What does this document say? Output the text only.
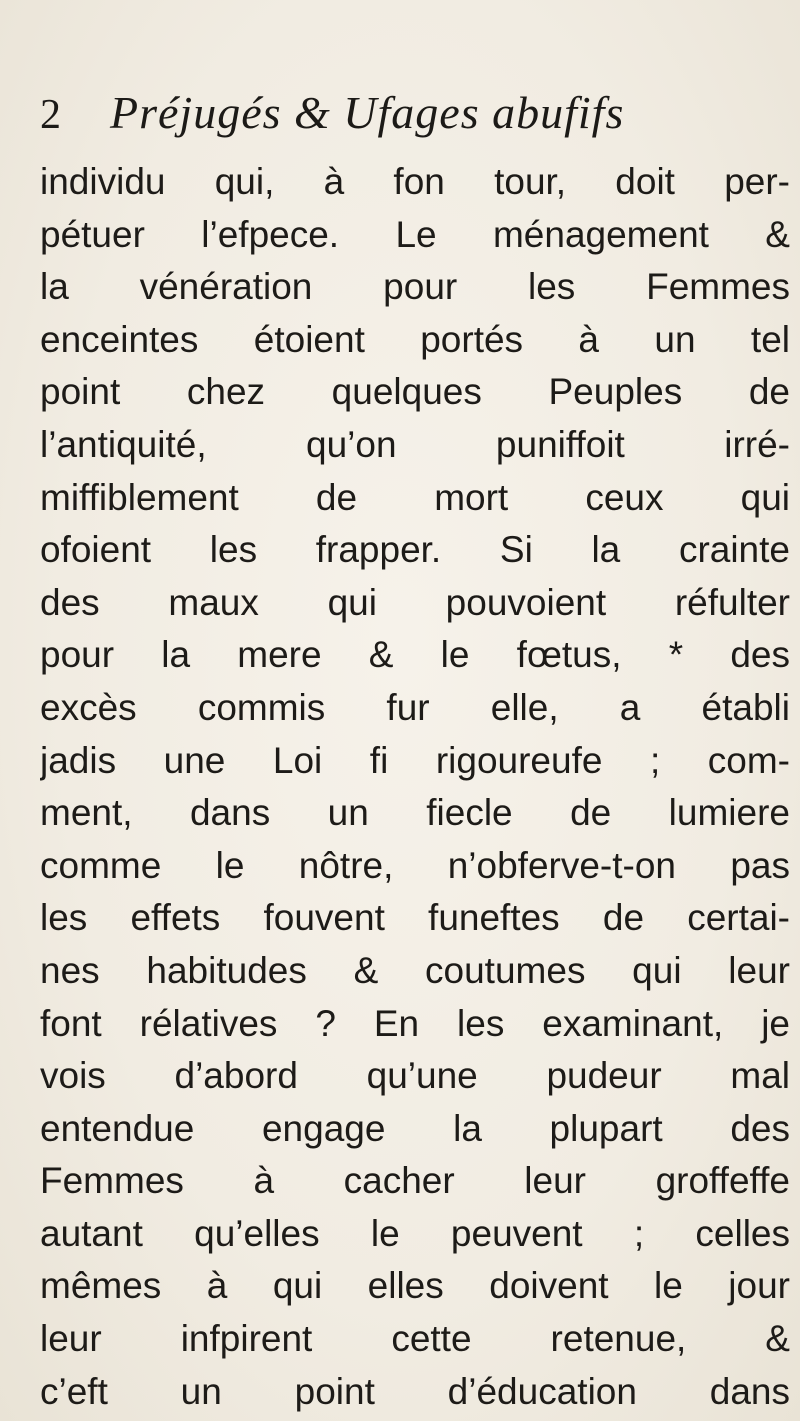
2 Préjugés & Ufages abufifs
individu qui, à fon tour, doit per-
pétuer l’efpece. Le ménagement &
la vénération pour les Femmes
enceintes étoient portés à un tel
point chez quelques Peuples de
l’antiquité, qu’on puniffoit irré-
miffiblement de mort ceux qui
ofoient les frapper. Si la crainte
des maux qui pouvoient réfulter
pour la mere & le fœtus, * des
excès commis fur elle, a établi
jadis une Loi fi rigoureufe ; com-
ment, dans un fiecle de lumiere
comme le nôtre, n’obferve-t-on pas
les effets fouvent funeftes de certai-
nes habitudes & coutumes qui leur
font rélatives ? En les examinant, je
vois d’abord qu’une pudeur mal
entendue engage la plupart des
Femmes à cacher leur groffeffe
autant qu’elles le peuvent ; celles
mêmes à qui elles doivent le jour
leur infpirent cette retenue, &
c’eft un point d’éducation dans
